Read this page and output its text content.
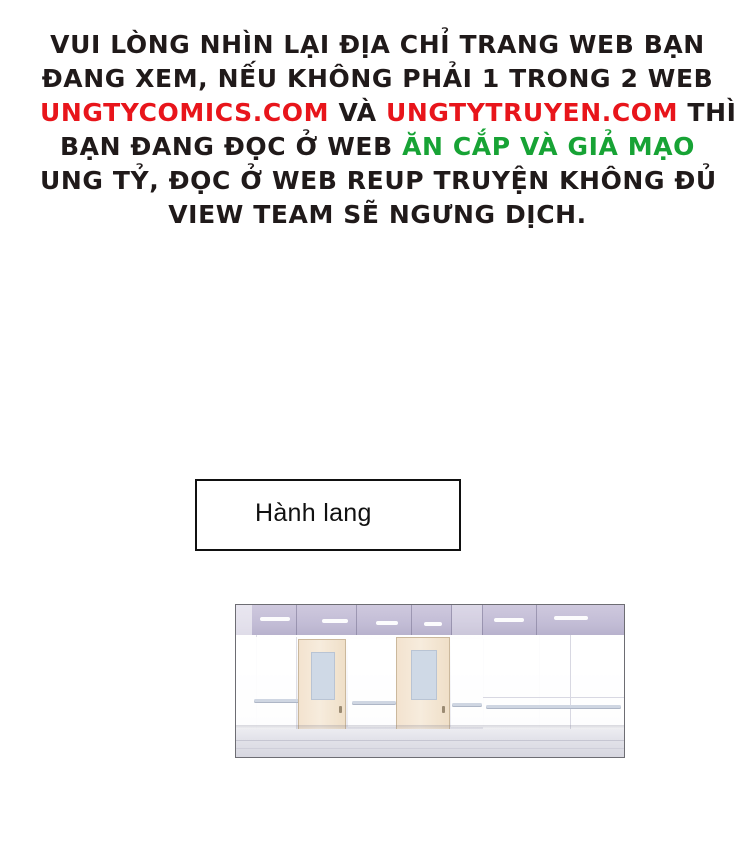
VUI LÒNG NHÌN LẠI ĐỊA CHỈ TRANG WEB BẠN
ĐANG XEM, NẾU KHÔNG PHẢI 1 TRONG 2 WEB
UNGTYCOMICS.COM VÀ UNGTYTRUYEN.COM THÌ
BẠN ĐANG ĐỌC Ở WEB ĂN CẮP VÀ GIẢ MẠO
UNG TỶ, ĐỌC Ở WEB REUP TRUYỆN KHÔNG ĐỦ
VIEW TEAM SẼ NGƯNG DỊCH.
Hành lang
